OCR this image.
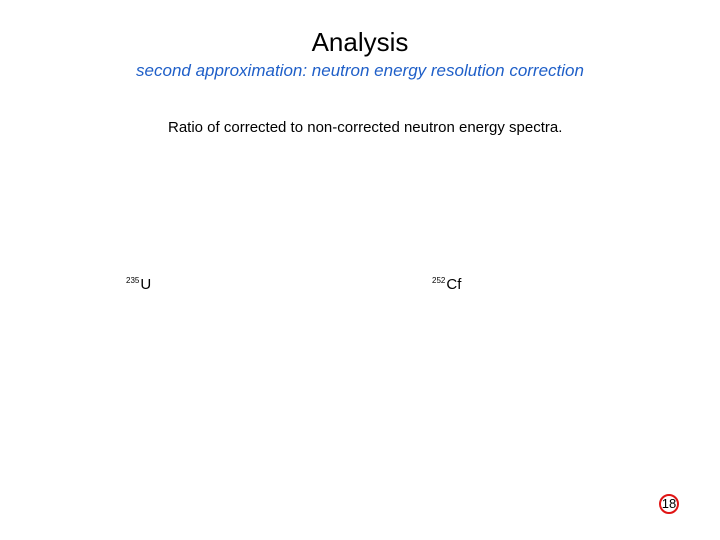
Analysis
second approximation: neutron energy resolution correction
Ratio of corrected to non-corrected neutron energy spectra.
$^{235}$U	$^{252}$Cf
18
